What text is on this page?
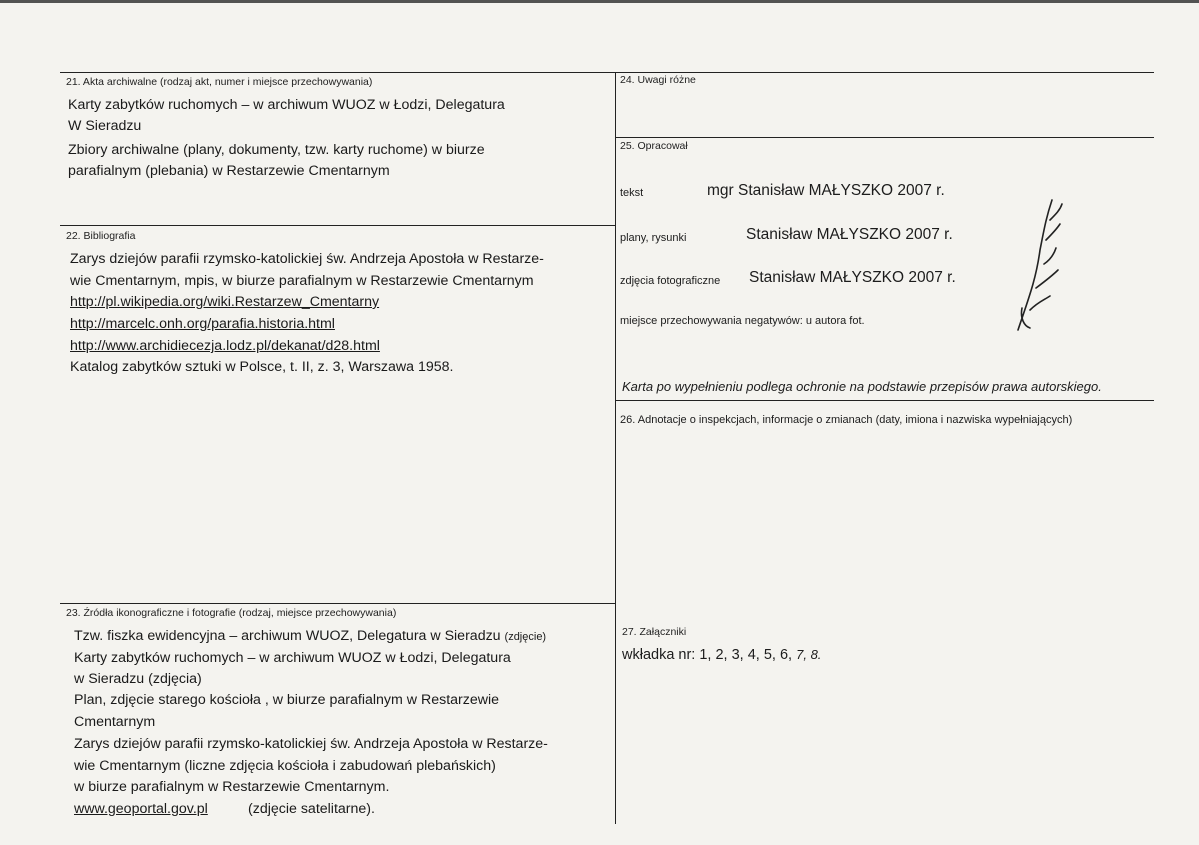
21. Akta archiwalne (rodzaj akt, numer i miejsce przechowywania)
Karty zabytków ruchomych – w archiwum WUOZ w Łodzi, Delegatura
W Sieradzu
Zbiory archiwalne (plany, dokumenty, tzw. karty ruchome) w biurze
parafialnym (plebania) w Restarzewie Cmentarnym
22. Bibliografia
Zarys dziejów parafii rzymsko-katolickiej św. Andrzeja Apostoła w Restarze-
wie Cmentarnym, mpis, w biurze parafialnym w Restarzewie Cmentarnym
http://pl.wikipedia.org/wiki.Restarzew_Cmentarny
http://marcelc.onh.org/parafia.historia.html
http://www.archidiecezja.lodz.pl/dekanat/d28.html
Katalog zabytków sztuki w Polsce, t. II, z. 3, Warszawa 1958.
23. Źródła ikonograficzne i fotografie (rodzaj, miejsce przechowywania)
Tzw. fiszka ewidencyjna – archiwum WUOZ, Delegatura w Sieradzu (zdjęcie)
Karty zabytków ruchomych – w archiwum WUOZ w Łodzi, Delegatura
w Sieradzu (zdjęcia)
Plan, zdjęcie starego kościoła , w biurze parafialnym w Restarzewie
Cmentarnym
Zarys dziejów parafii rzymsko-katolickiej św. Andrzeja Apostoła w Restarze-
wie Cmentarnym (liczne zdjęcia kościoła i zabudowań plebańskich)
w biurze parafialnym w Restarzewie Cmentarnym.
www.geoportal.gov.pl	(zdjęcie satelitarne).
24. Uwagi różne
25. Opracował
tekst	mgr Stanisław MAŁYSZKO 2007 r.
plany, rysunki	Stanisław MAŁYSZKO 2007 r.
zdjęcia fotograficzne Stanisław MAŁYSZKO 2007 r.
miejsce przechowywania negatywów: u autora fot.
Karta po wypełnieniu podlega ochronie na podstawie przepisów prawa autorskiego.
26. Adnotacje o inspekcjach, informacje o zmianach (daty, imiona i nazwiska wypełniających)
27. Załączniki
wkładka nr: 1, 2, 3, 4, 5, 6, 7, 8.
